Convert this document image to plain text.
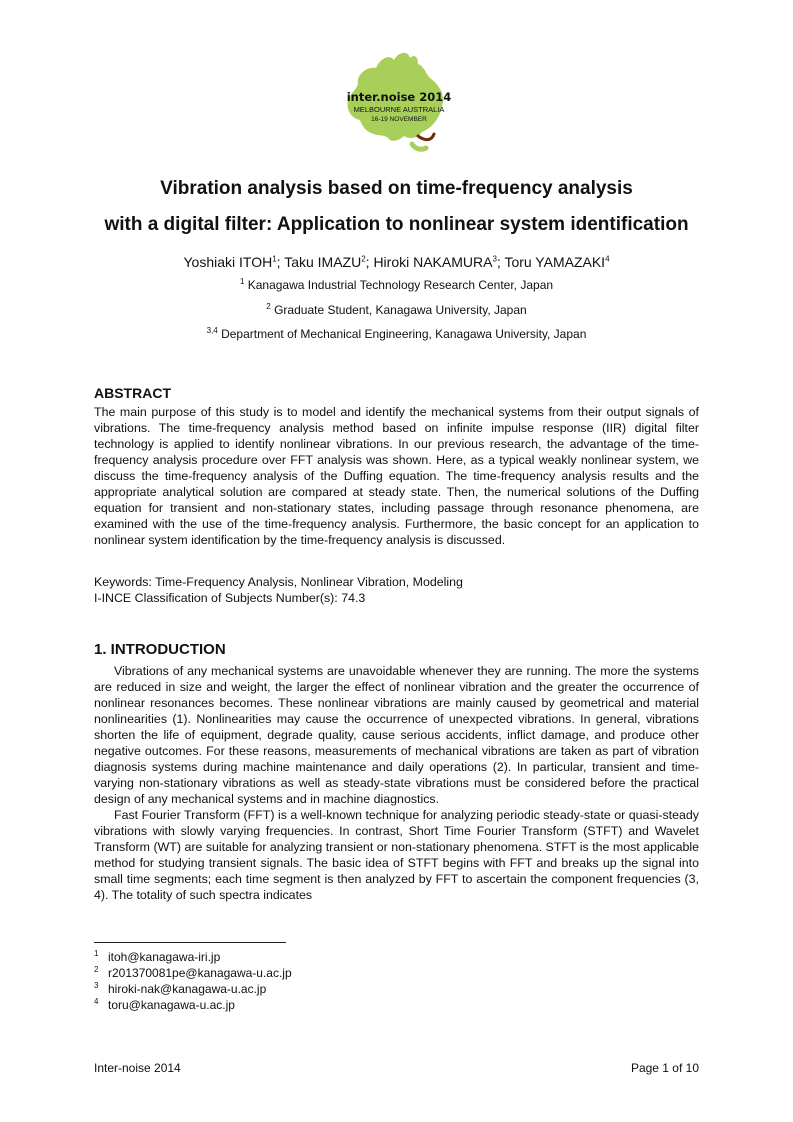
inter.noise 2014
MELBOURNE AUSTRALIA
16-19 NOVEMBER
Vibration analysis based on time-frequency analysis
with a digital filter: Application to nonlinear system identification
Yoshiaki ITOH$^1$; Taku IMAZU$^2$; Hiroki NAKAMURA$^3$; Toru YAMAZAKI$^4$
$^1$ Kanagawa Industrial Technology Research Center, Japan
$^2$ Graduate Student, Kanagawa University, Japan
$^{3,4}$ Department of Mechanical Engineering, Kanagawa University, Japan
ABSTRACT

The main purpose of this study is to model and identify the mechanical systems from their output signals of vibrations. The time-frequency analysis method based on infinite impulse response (IIR) digital filter technology is applied to identify nonlinear vibrations. In our previous research, the advantage of the time-frequency analysis procedure over FFT analysis was shown. Here, as a typical weakly nonlinear system, we discuss the time-frequency analysis of the Duffing equation. The time-frequency analysis results and the appropriate analytical solution are compared at steady state. Then, the numerical solutions of the Duffing equation for transient and non-stationary states, including passage through resonance phenomena, are examined with the use of the time-frequency analysis. Furthermore, the basic concept for an application to nonlinear system identification by the time-frequency analysis is discussed.

Keywords: Time-Frequency Analysis, Nonlinear Vibration, Modeling
I-INCE Classification of Subjects Number(s): 74.3
1. INTRODUCTION

Vibrations of any mechanical systems are unavoidable whenever they are running. The more the systems are reduced in size and weight, the larger the effect of nonlinear vibration and the greater the occurrence of nonlinear resonances becomes. These nonlinear vibrations are mainly caused by geometrical and material nonlinearities (1). Nonlinearities may cause the occurrence of unexpected vibrations. In general, vibrations shorten the life of equipment, degrade quality, cause serious accidents, inflict damage, and produce other negative outcomes. For these reasons, measurements of mechanical vibrations are taken as part of vibration diagnosis systems during machine maintenance and daily operations (2). In particular, transient and time-varying non-stationary vibrations as well as steady-state vibrations must be considered before the practical design of any mechanical systems and in machine diagnostics.

Fast Fourier Transform (FFT) is a well-known technique for analyzing periodic steady-state or quasi-steady vibrations with slowly varying frequencies. In contrast, Short Time Fourier Transform (STFT) and Wavelet Transform (WT) are suitable for analyzing transient or non-stationary phenomena. STFT is the most applicable method for studying transient signals. The basic idea of STFT begins with FFT and breaks up the signal into small time segments; each time segment is then analyzed by FFT to ascertain the component frequencies (3, 4). The totality of such spectra indicates

$^1$ itoh@kanagawa-iri.jp
$^2$ r201370081pe@kanagawa-u.ac.jp
$^3$ hiroki-nak@kanagawa-u.ac.jp
$^4$ toru@kanagawa-u.ac.jp
Inter-noise 2014	Page 1 of 10
